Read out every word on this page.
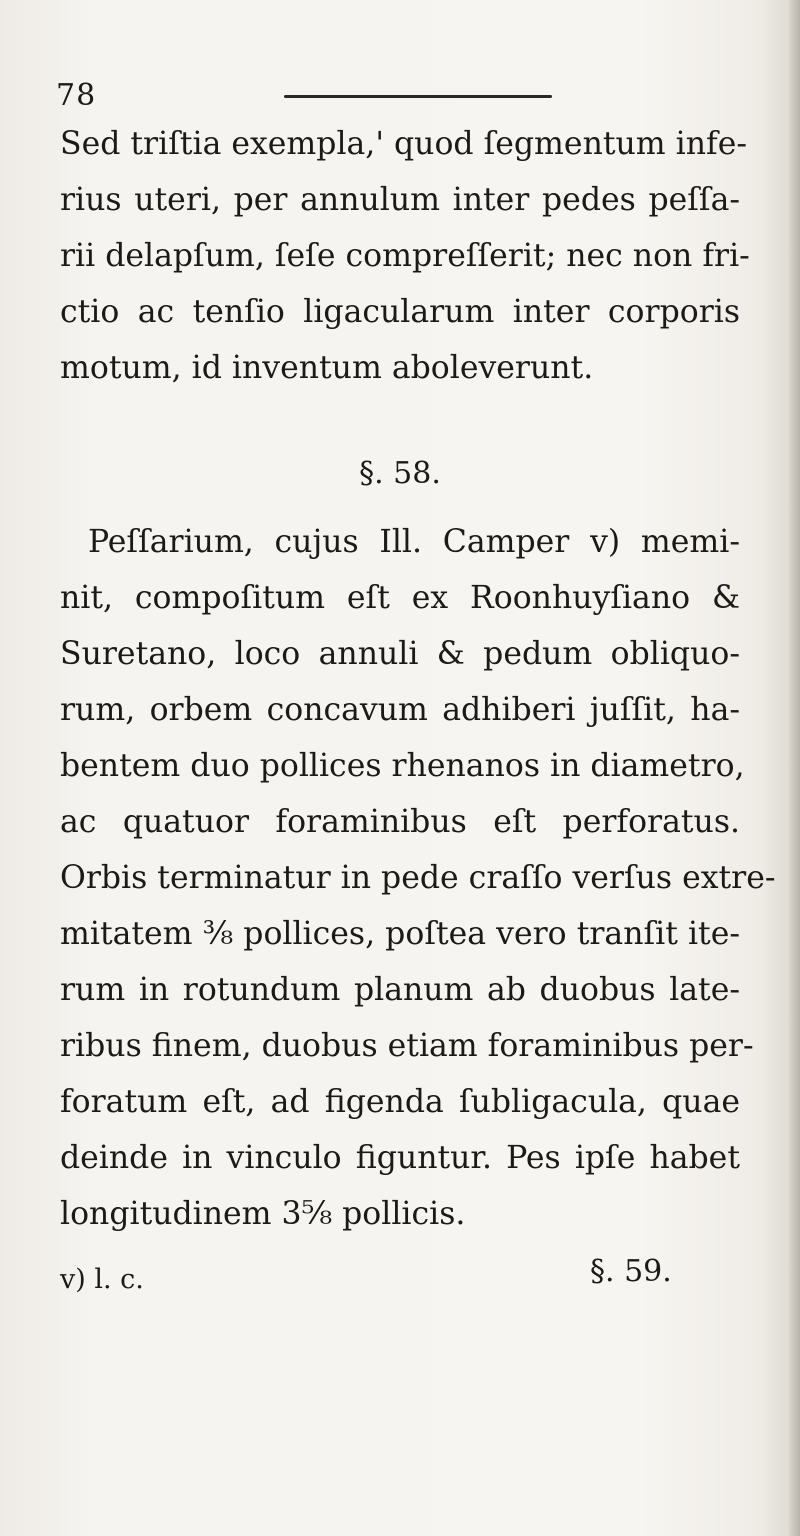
78
Sed triſtia exempla,' quod ſegmentum infe-
rius uteri, per annulum inter pedes peſſa-
rii delapſum, ſeſe compreſſerit; nec non fri-
ctio ac tenſio ligacularum inter corporis
motum, id inventum aboleverunt.
§. 58.
Peſſarium, cujus Ill. Camper v) memi-
nit, compoſitum eſt ex Roonhuyſiano &
Suretano, loco annuli & pedum obliquo-
rum, orbem concavum adhiberi juſſit, ha-
bentem duo pollices rhenanos in diametro,
ac quatuor foraminibus eſt perforatus.
Orbis terminatur in pede craſſo verſus extre-
mitatem ⅜ pollices, poſtea vero tranſit ite-
rum in rotundum planum ab duobus late-
ribus finem, duobus etiam foraminibus per-
foratum eſt, ad figenda ſubligacula, quae
deinde in vinculo figuntur. Pes ipſe habet
longitudinem 3⅝ pollicis.
§. 59.
v) l. c.
